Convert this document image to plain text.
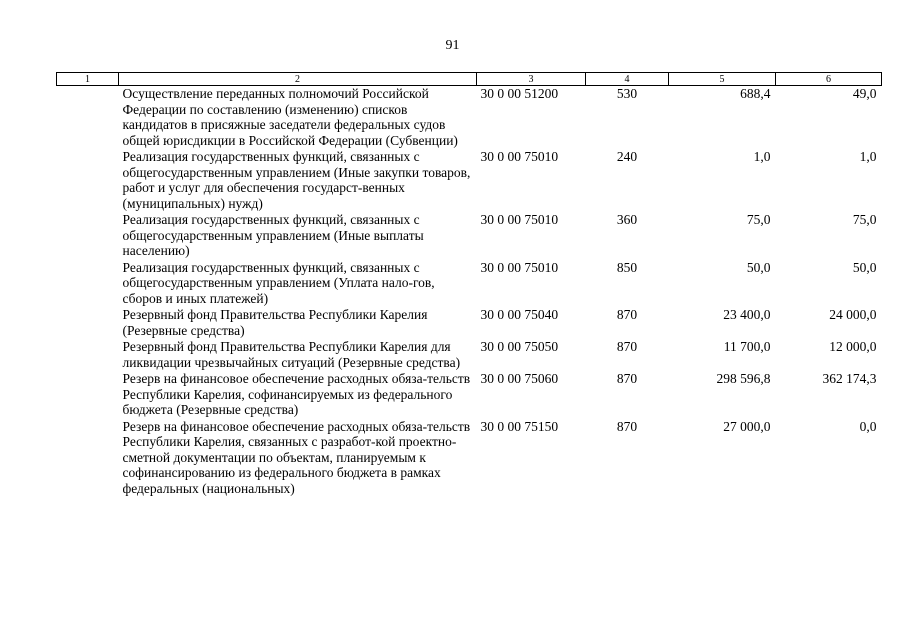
91
1	2	3	4	5	6
	Осуществление переданных полномочий Российской Федерации по составлению (изменению) списков кандидатов в присяжные заседатели федеральных судов общей юрисдикции в Российской Федерации (Субвенции)	30 0 00 51200	530	688,4	49,0
	Реализация государственных функций, связанных с общегосударственным управлением (Иные закупки товаров, работ и услуг для обеспечения государст-венных (муниципальных) нужд)	30 0 00 75010	240	1,0	1,0
	Реализация государственных функций, связанных с общегосударственным управлением (Иные выплаты населению)	30 0 00 75010	360	75,0	75,0
	Реализация государственных функций, связанных с общегосударственным управлением (Уплата нало-гов, сборов и иных платежей)	30 0 00 75010	850	50,0	50,0
	Резервный фонд Правительства Республики Карелия (Резервные средства)	30 0 00 75040	870	23 400,0	24 000,0
	Резервный фонд Правительства Республики Карелия для ликвидации чрезвычайных ситуаций (Резервные средства)	30 0 00 75050	870	11 700,0	12 000,0
	Резерв на финансовое обеспечение расходных обяза-тельств Республики Карелия, софинансируемых из федерального бюджета (Резервные средства)	30 0 00 75060	870	298 596,8	362 174,3
	Резерв на финансовое обеспечение расходных обяза-тельств Республики Карелия, связанных с разработ-кой проектно-сметной документации по объектам, планируемым к софинансированию из федерального бюджета в рамках федеральных (национальных)	30 0 00 75150	870	27 000,0	0,0
